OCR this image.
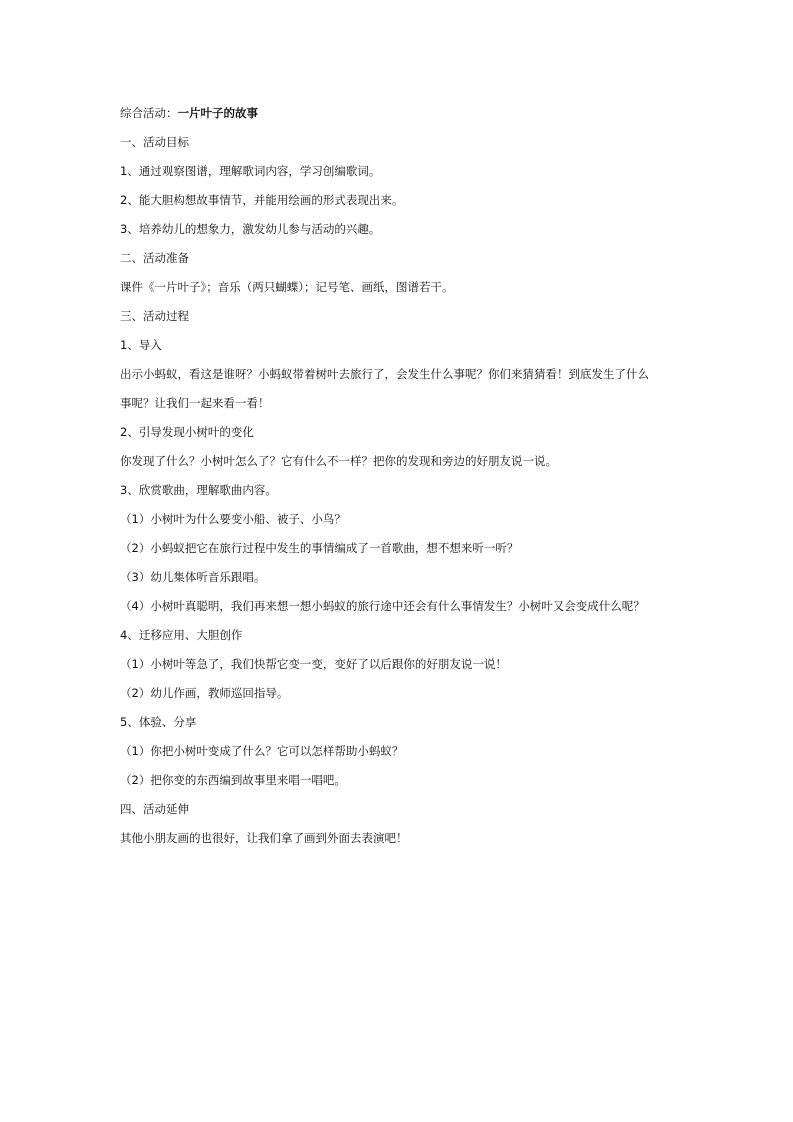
综合活动：一片叶子的故事

一、活动目标

1、通过观察图谱，理解歌词内容，学习创编歌词。

2、能大胆构想故事情节，并能用绘画的形式表现出来。

3、培养幼儿的想象力，激发幼儿参与活动的兴趣。

二、活动准备

课件《一片叶子》；音乐（两只蝴蝶）；记号笔、画纸，图谱若干。

三、活动过程

1、导入

出示小蚂蚁，看这是谁呀？小蚂蚁带着树叶去旅行了，会发生什么事呢？你们来猜猜看！到底发生了什么

事呢？让我们一起来看一看！

2、引导发现小树叶的变化

你发现了什么？小树叶怎么了？它有什么不一样？把你的发现和旁边的好朋友说一说。

3、欣赏歌曲，理解歌曲内容。

（1）小树叶为什么要变小船、被子、小鸟？

（2）小蚂蚁把它在旅行过程中发生的事情编成了一首歌曲，想不想来听一听？

（3）幼儿集体听音乐跟唱。

（4）小树叶真聪明，我们再来想一想小蚂蚁的旅行途中还会有什么事情发生？小树叶又会变成什么呢？

4、迁移应用、大胆创作

（1）小树叶等急了，我们快帮它变一变，变好了以后跟你的好朋友说一说！

（2）幼儿作画，教师巡回指导。

5、体验、分享

（1）你把小树叶变成了什么？它可以怎样帮助小蚂蚁？

（2）把你变的东西编到故事里来唱一唱吧。

四、活动延伸

其他小朋友画的也很好，让我们拿了画到外面去表演吧！
